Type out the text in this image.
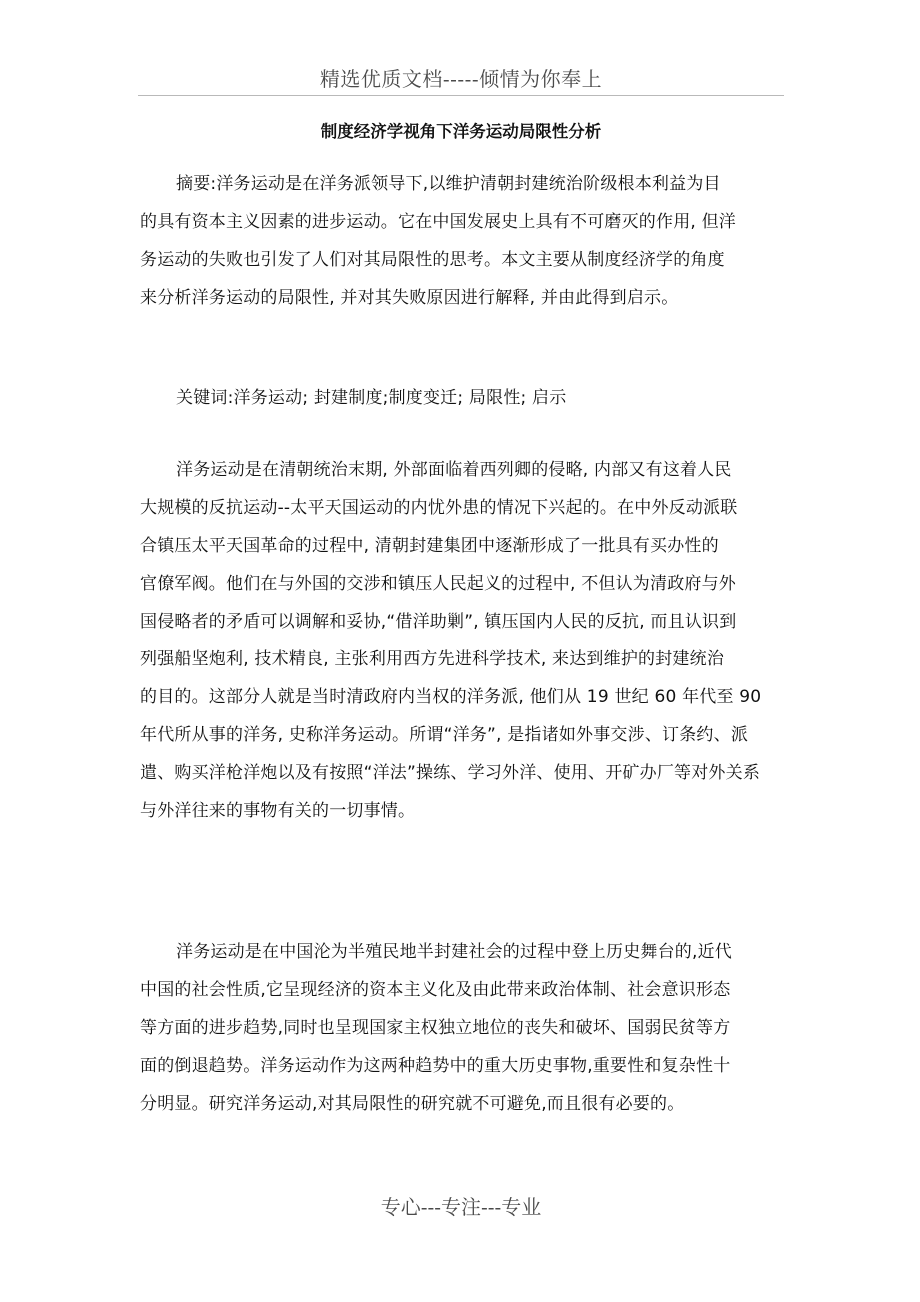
精选优质文档-----倾情为你奉上
制度经济学视角下洋务运动局限性分析
摘要:洋务运动是在洋务派领导下,以维护清朝封建统治阶级根本利益为目
的具有资本主义因素的进步运动。它在中国发展史上具有不可磨灭的作用, 但洋
务运动的失败也引发了人们对其局限性的思考。本文主要从制度经济学的角度
来分析洋务运动的局限性, 并对其失败原因进行解释, 并由此得到启示。
关键词:洋务运动; 封建制度;制度变迁; 局限性; 启示
洋务运动是在清朝统治末期, 外部面临着西列卿的侵略, 内部又有这着人民
大规模的反抗运动--太平天国运动的内忧外患的情况下兴起的。在中外反动派联
合镇压太平天国革命的过程中, 清朝封建集团中逐渐形成了一批具有买办性的
官僚军阀。他们在与外国的交涉和镇压人民起义的过程中, 不但认为清政府与外
国侵略者的矛盾可以调解和妥协,“借洋助剿”, 镇压国内人民的反抗, 而且认识到
列强船坚炮利, 技术精良, 主张利用西方先进科学技术, 来达到维护的封建统治
的目的。这部分人就是当时清政府内当权的洋务派, 他们从 19 世纪 60 年代至 90
年代所从事的洋务, 史称洋务运动。所谓“洋务”, 是指诸如外事交涉、订条约、派
遣、购买洋枪洋炮以及有按照“洋法”操练、学习外洋、使用、开矿办厂等对外关系
与外洋往来的事物有关的一切事情。
洋务运动是在中国沦为半殖民地半封建社会的过程中登上历史舞台的,近代
中国的社会性质,它呈现经济的资本主义化及由此带来政治体制、社会意识形态
等方面的进步趋势,同时也呈现国家主权独立地位的丧失和破坏、国弱民贫等方
面的倒退趋势。洋务运动作为这两种趋势中的重大历史事物,重要性和复杂性十
分明显。研究洋务运动,对其局限性的研究就不可避免,而且很有必要的。
专心---专注---专业
